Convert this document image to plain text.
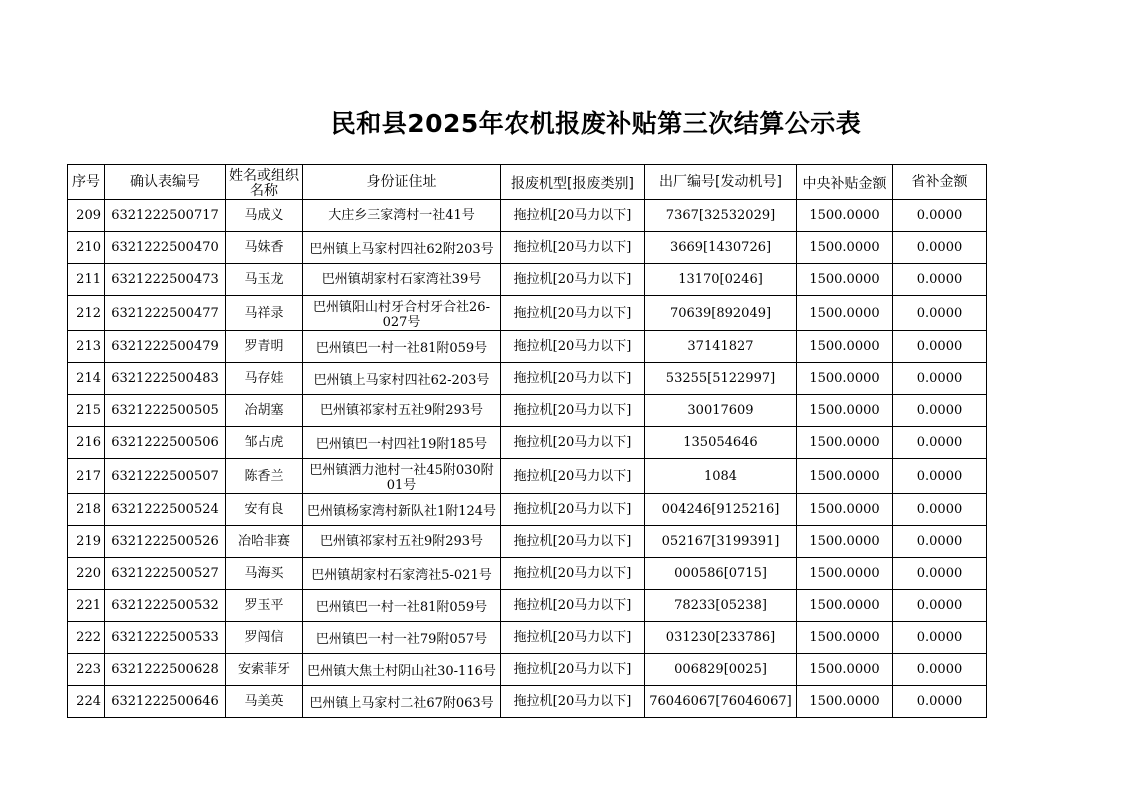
民和县2025年农机报废补贴第三次结算公示表
序号	确认表编号	姓名或组织名称	身份证住址	报废机型[报废类别]	出厂编号[发动机号]	中央补贴金额	省补金额
209	6321222500717	马成义	大庄乡三家湾村一社41号	拖拉机[20马力以下]	7367[32532029]	1500.0000	0.0000
210	6321222500470	马妹香	巴州镇上马家村四社62附203号	拖拉机[20马力以下]	3669[1430726]	1500.0000	0.0000
211	6321222500473	马玉龙	巴州镇胡家村石家湾社39号	拖拉机[20马力以下]	13170[0246]	1500.0000	0.0000
212	6321222500477	马祥录	巴州镇阳山村牙合村牙合社26-027号	拖拉机[20马力以下]	70639[892049]	1500.0000	0.0000
213	6321222500479	罗青明	巴州镇巴一村一社81附059号	拖拉机[20马力以下]	37141827	1500.0000	0.0000
214	6321222500483	马存娃	巴州镇上马家村四社62-203号	拖拉机[20马力以下]	53255[5122997]	1500.0000	0.0000
215	6321222500505	冶胡塞	巴州镇祁家村五社9附293号	拖拉机[20马力以下]	30017609	1500.0000	0.0000
216	6321222500506	邹占虎	巴州镇巴一村四社19附185号	拖拉机[20马力以下]	135054646	1500.0000	0.0000
217	6321222500507	陈香兰	巴州镇洒力池村一社45附030附01号	拖拉机[20马力以下]	1084	1500.0000	0.0000
218	6321222500524	安有良	巴州镇杨家湾村新队社1附124号	拖拉机[20马力以下]	004246[9125216]	1500.0000	0.0000
219	6321222500526	冶哈非赛	巴州镇祁家村五社9附293号	拖拉机[20马力以下]	052167[3199391]	1500.0000	0.0000
220	6321222500527	马海买	巴州镇胡家村石家湾社5-021号	拖拉机[20马力以下]	000586[0715]	1500.0000	0.0000
221	6321222500532	罗玉平	巴州镇巴一村一社81附059号	拖拉机[20马力以下]	78233[05238]	1500.0000	0.0000
222	6321222500533	罗闯信	巴州镇巴一村一社79附057号	拖拉机[20马力以下]	031230[233786]	1500.0000	0.0000
223	6321222500628	安索菲牙	巴州镇大焦土村阴山社30-116号	拖拉机[20马力以下]	006829[0025]	1500.0000	0.0000
224	6321222500646	马美英	巴州镇上马家村二社67附063号	拖拉机[20马力以下]	76046067[76046067]	1500.0000	0.0000
